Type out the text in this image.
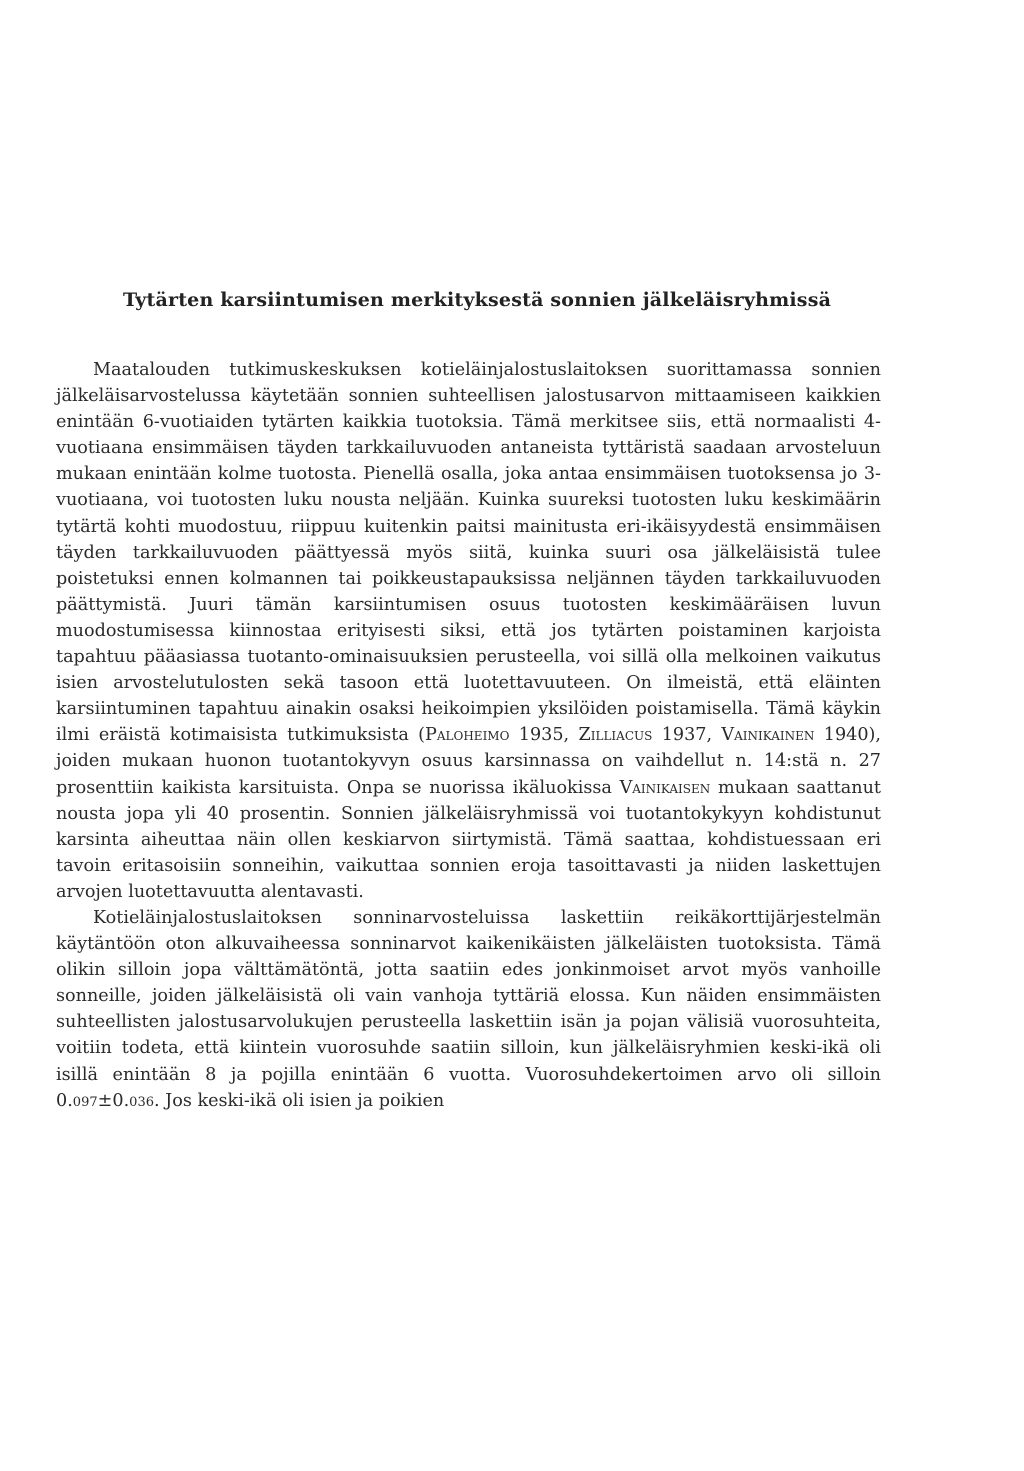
Tytärten karsiintumisen merkityksestä sonnien jälkeläisryhmissä

Maatalouden tutkimuskeskuksen kotieläinjalostuslaitoksen suorittamassa sonnien jälkeläisarvostelussa käytetään sonnien suhteellisen jalostusarvon mittaamiseen kaikkien enintään 6-vuotiaiden tytärten kaikkia tuotoksia. Tämä merkitsee siis, että normaalisti 4-vuotiaana ensimmäisen täyden tarkkailuvuoden antaneista tyttäristä saadaan arvosteluun mukaan enintään kolme tuotosta. Pienellä osalla, joka antaa ensimmäisen tuotoksensa jo 3-vuotiaana, voi tuotosten luku nousta neljään. Kuinka suureksi tuotosten luku keskimäärin tytärtä kohti muodostuu, riippuu kuitenkin paitsi mainitusta eri-ikäisyydestä ensimmäisen täyden tarkkailuvuoden päättyessä myös siitä, kuinka suuri osa jälkeläisistä tulee poistetuksi ennen kolmannen tai poikkeustapauksissa neljännen täyden tarkkailuvuoden päättymistä. Juuri tämän karsiintumisen osuus tuotosten keskimääräisen luvun muodostumisessa kiinnostaa erityisesti siksi, että jos tytärten poistaminen karjoista tapahtuu pääasiassa tuotanto-ominaisuuksien perusteella, voi sillä olla melkoinen vaikutus isien arvostelutulosten sekä tasoon että luotettavuuteen. On ilmeistä, että eläinten karsiintuminen tapahtuu ainakin osaksi heikoimpien yksilöiden poistamisella. Tämä käykin ilmi eräistä kotimaisista tutkimuksista (Paloheimo 1935, Zilliacus 1937, Vainikainen 1940), joiden mukaan huonon tuotantokyvyn osuus karsinnassa on vaihdellut n. 14:stä n. 27 prosenttiin kaikista karsituista. Onpa se nuorissa ikäluokissa Vainikaisen mukaan saattanut nousta jopa yli 40 prosentin. Sonnien jälkeläisryhmissä voi tuotantokykyyn kohdistunut karsinta aiheuttaa näin ollen keskiarvon siirtymistä. Tämä saattaa, kohdistuessaan eri tavoin eritasoisiin sonneihin, vaikuttaa sonnien eroja tasoittavasti ja niiden laskettujen arvojen luotettavuutta alentavasti.

Kotieläinjalostuslaitoksen sonninarvosteluissa laskettiin reikäkorttijärjestelmän käytäntöön oton alkuvaiheessa sonninarvot kaikenikäisten jälkeläisten tuotoksista. Tämä olikin silloin jopa välttämätöntä, jotta saatiin edes jonkinmoiset arvot myös vanhoille sonneille, joiden jälkeläisistä oli vain vanhoja tyttäriä elossa. Kun näiden ensimmäisten suhteellisten jalostusarvolukujen perusteella laskettiin isän ja pojan välisiä vuorosuhteita, voitiin todeta, että kiintein vuorosuhde saatiin silloin, kun jälkeläisryhmien keski-ikä oli isillä enintään 8 ja pojilla enintään 6 vuotta. Vuorosuhdekertoimen arvo oli silloin 0.097±0.036. Jos keski-ikä oli isien ja poikien
